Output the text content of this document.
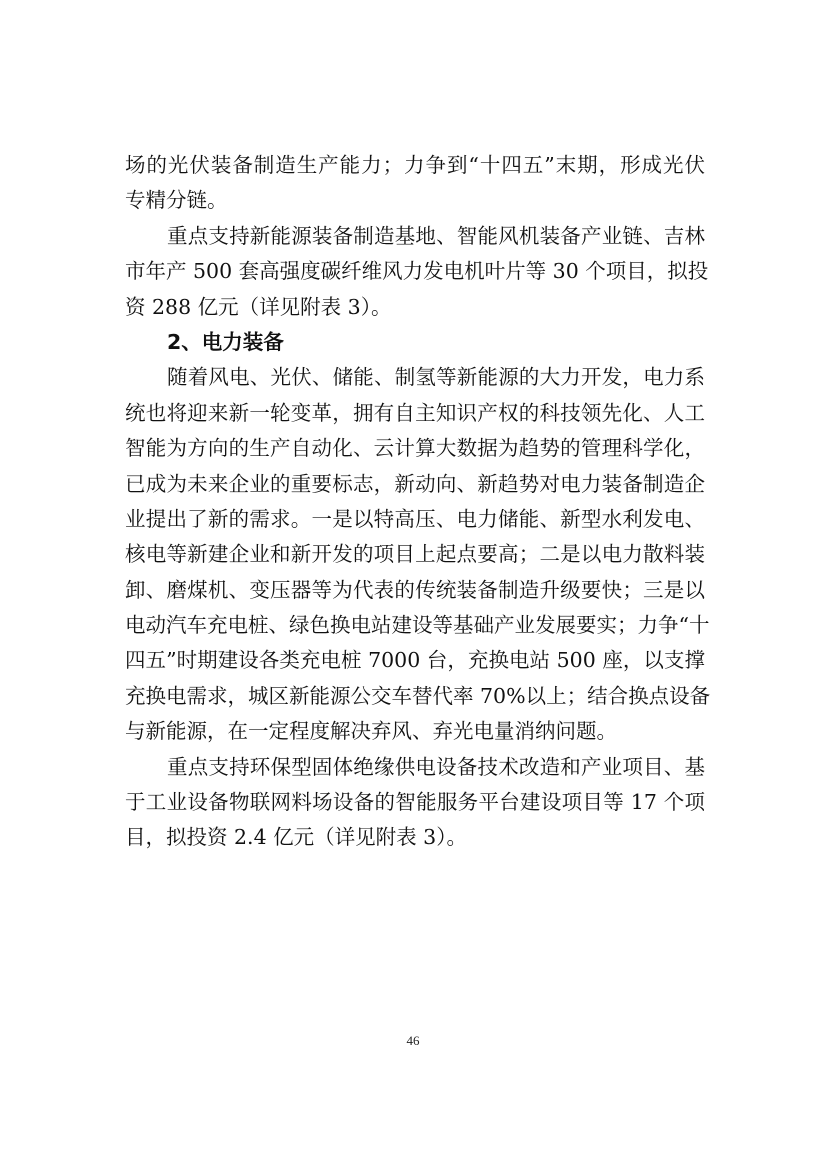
场的光伏装备制造生产能力；力争到“十四五”末期，形成光伏
专精分链。
重点支持新能源装备制造基地、智能风机装备产业链、吉林
市年产 500 套高强度碳纤维风力发电机叶片等 30 个项目，拟投
资 288 亿元（详见附表 3）。
2、电力装备
随着风电、光伏、储能、制氢等新能源的大力开发，电力系
统也将迎来新一轮变革，拥有自主知识产权的科技领先化、人工
智能为方向的生产自动化、云计算大数据为趋势的管理科学化，
已成为未来企业的重要标志，新动向、新趋势对电力装备制造企
业提出了新的需求。一是以特高压、电力储能、新型水利发电、
核电等新建企业和新开发的项目上起点要高；二是以电力散料装
卸、磨煤机、变压器等为代表的传统装备制造升级要快；三是以
电动汽车充电桩、绿色换电站建设等基础产业发展要实；力争“十
四五”时期建设各类充电桩 7000 台，充换电站 500 座，以支撑
充换电需求，城区新能源公交车替代率 70%以上；结合换点设备
与新能源，在一定程度解决弃风、弃光电量消纳问题。
重点支持环保型固体绝缘供电设备技术改造和产业项目、基
于工业设备物联网料场设备的智能服务平台建设项目等 17 个项
目，拟投资 2.4 亿元（详见附表 3）。
46
